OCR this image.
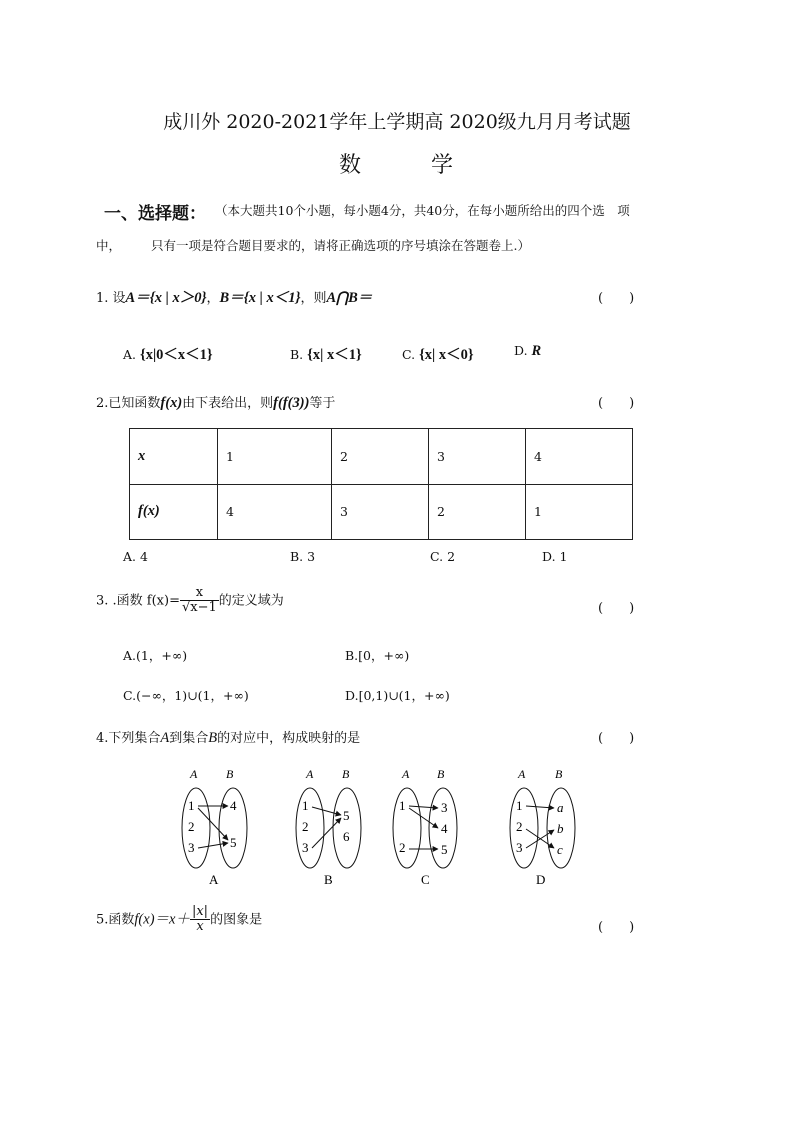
成川外 2020-2021学年上学期高 2020级九月月考试题
数	学
一、选择题： （本大题共10个小题，每小题4分，共40分，在每小题所给出的四个选　项
中， 只有一项是符合题目要求的，请将正确选项的序号填涂在答题卷上.）
1. 设A＝{x | x＞0}，B＝{x | x＜1}，则A⋂B＝	(　　)
A. {x|0＜x＜1}	B. {x| x＜1}	C. {x| x＜0}	D. R
2.已知函数f(x)由下表给出，则f(f(3))等于	(　　)
x	1	2	3	4
f(x)	4	3	2	1
A. 4	B. 3	C. 2	D. 1
3. .函数 $f(x)= \frac{x}{√x-1}$ 的定义域为
(　　)
A.(1，+∞)	B.[0，+∞)
C.(−∞，1)∪(1，+∞)	D.[0,1)∪(1，+∞)
4.下列集合A到集合B的对应中，构成映射的是	(　　)
A B
1
2
3
4
5
A
A B
1
2
3
5
6
B
A B
1
2
3
4
5
C
A B
1
2
3
a
b
c
D
5.函数$f(x)=x+ \frac{|x|}{x}$ 的图象是
(　　)
